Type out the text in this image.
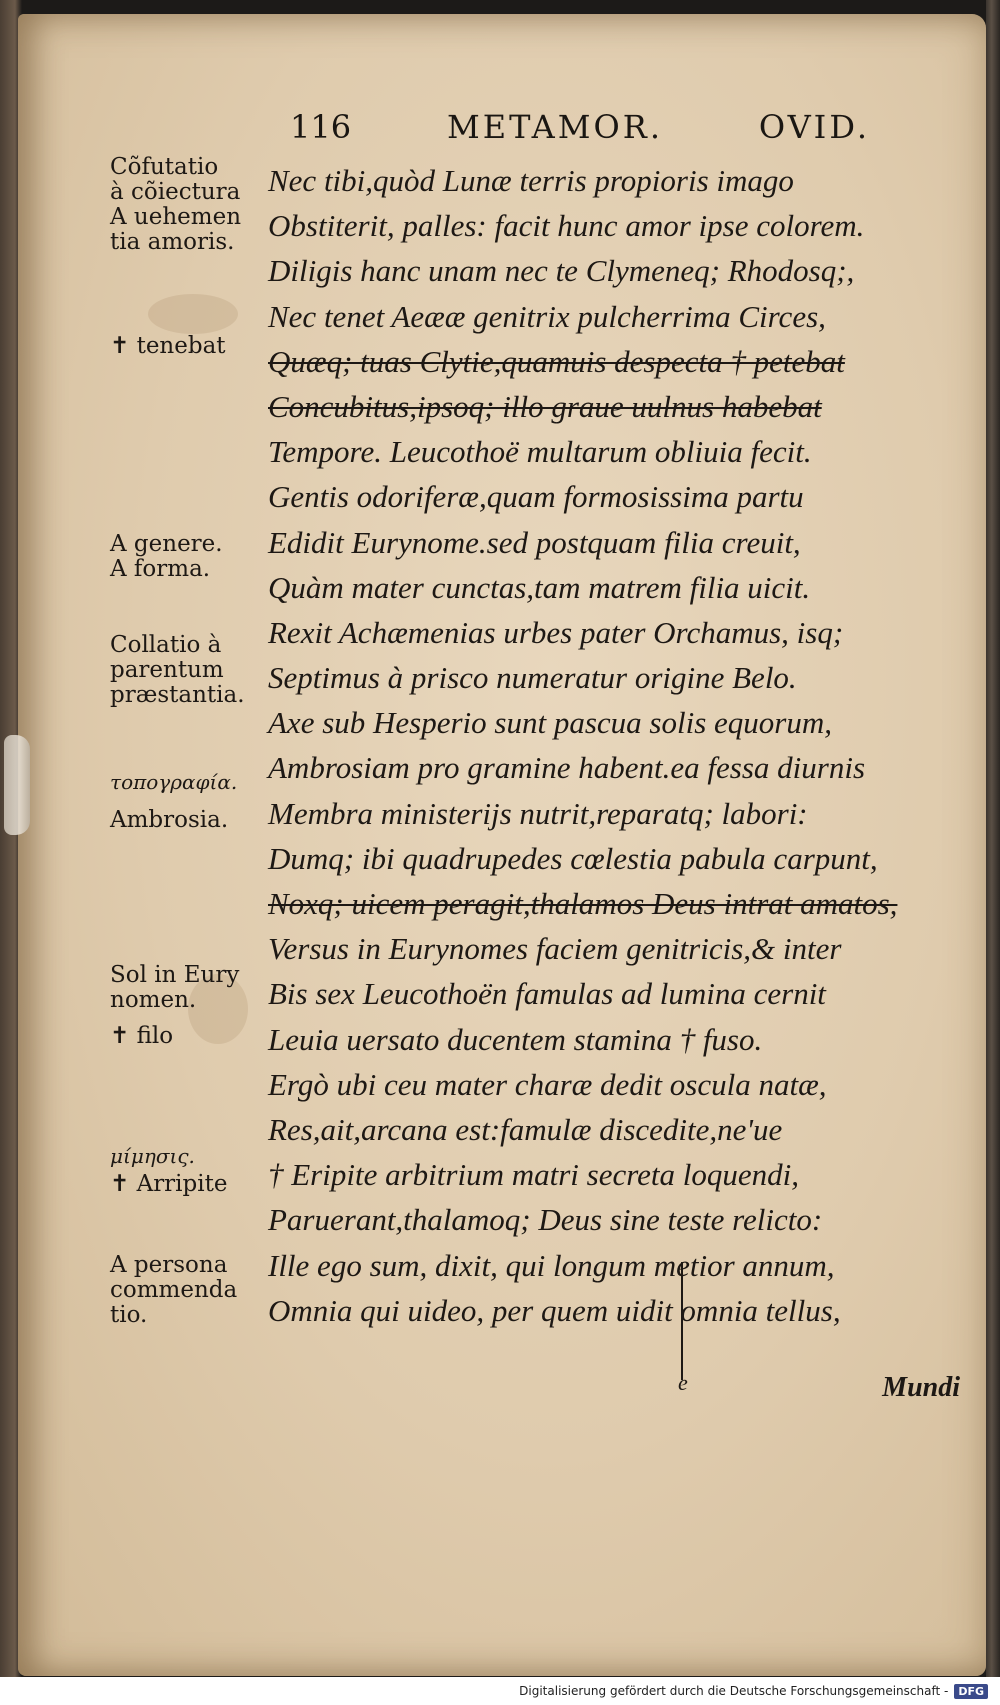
116	METAMOR.	OVID.
Nec tibi,quòd Lunæ terris propioris imago
Obstiterit, palles: facit hunc amor ipse colorem.
Diligis hanc unam nec te Clymeneq; Rhodosq;,
Nec tenet Aeææ genitrix pulcherrima Circes,
Quæq; tuas Clytie,quamuis despecta † petebat
Concubitus,ipsoq; illo graue uulnus habebat
Tempore. Leucothoë multarum obliuia fecit.
Gentis odoriferæ,quam formosissima partu
Edidit Eurynome.sed postquam filia creuit,
Quàm mater cunctas,tam matrem filia uicit.
Rexit Achæmenias urbes pater Orchamus, isq;
Septimus à prisco numeratur origine Belo.
Axe sub Hesperio sunt pascua solis equorum,
Ambrosiam pro gramine habent.ea fessa diurnis
Membra ministerijs nutrit,reparatq; labori:
Dumq; ibi quadrupedes cœlestia pabula carpunt,
Noxq; uicem peragit,thalamos Deus intrat amatos,
Versus in Eurynomes faciem genitricis,& inter
Bis sex Leucothoën famulas ad lumina cernit
Leuia uersato ducentem stamina † fuso.
Ergò ubi ceu mater charæ dedit oscula natæ,
Res,ait,arcana est:famulæ discedite,ne'ue
† Eripite arbitrium matri secreta loquendi,
Paruerant,thalamoq; Deus sine teste relicto:
Ille ego sum, dixit, qui longum metior annum,
Omnia qui uideo, per quem uidit omnia tellus,
Cõfutatio
à cõiectura
A uehemen
tia amoris.
✝ tenebat
A genere.
A forma.
Collatio à
parentum
præstantia.
τοπογραφία.
Ambrosia.
Sol in Eury
nomen.
✝ filo
μίμησις.
✝ Arripite
A persona
commenda
tio.
e	Mundi
Digitalisierung gefördert durch die Deutsche Forschungsgemeinschaft - DFG
